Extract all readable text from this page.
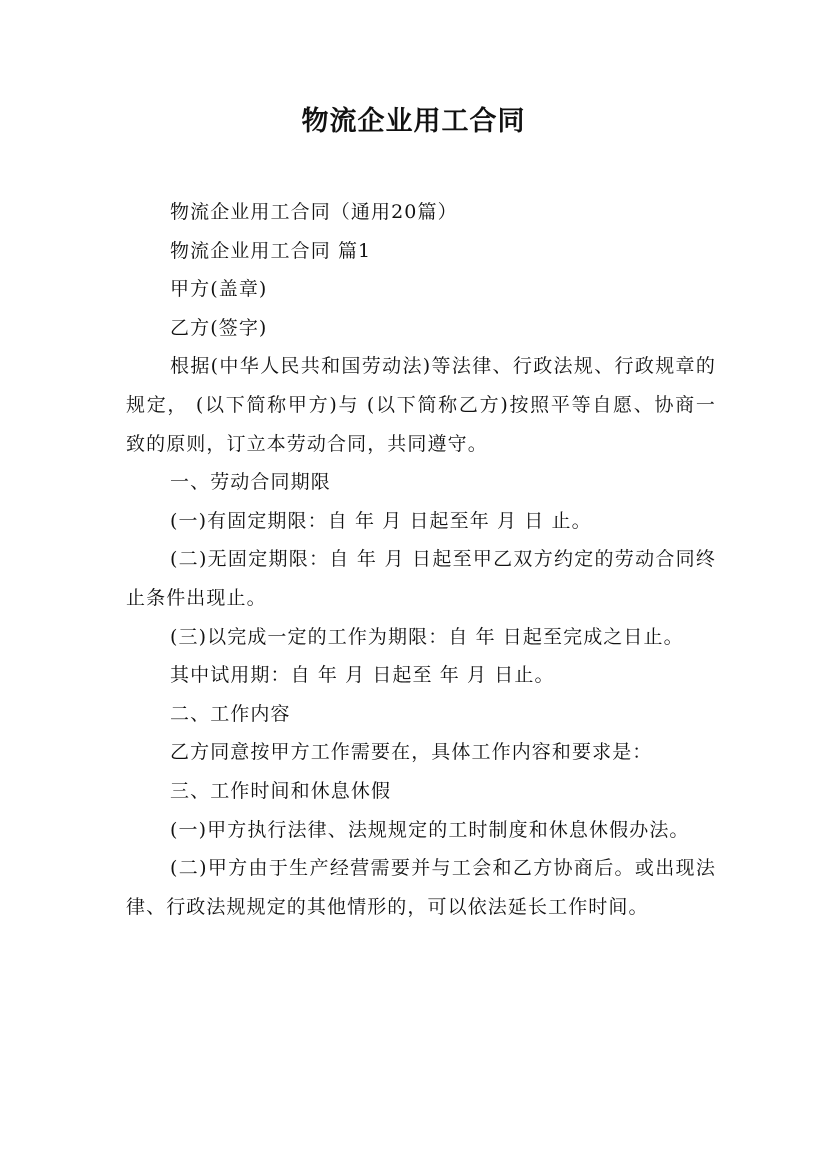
物流企业用工合同

物流企业用工合同（通用20篇）

物流企业用工合同 篇1

甲方(盖章)

乙方(签字)

根据(中华人民共和国劳动法)等法律、行政法规、行政规章的规定， (以下简称甲方)与 (以下简称乙方)按照平等自愿、协商一致的原则，订立本劳动合同，共同遵守。

一、劳动合同期限

(一)有固定期限：自 年 月 日起至年 月 日 止。

(二)无固定期限：自 年 月 日起至甲乙双方约定的劳动合同终止条件出现止。

(三)以完成一定的工作为期限：自 年 日起至完成之日止。

其中试用期：自 年 月 日起至 年 月 日止。

二、工作内容

乙方同意按甲方工作需要在，具体工作内容和要求是：

三、工作时间和休息休假

(一)甲方执行法律、法规规定的工时制度和休息休假办法。

(二)甲方由于生产经营需要并与工会和乙方协商后。或出现法律、行政法规规定的其他情形的，可以依法延长工作时间。
